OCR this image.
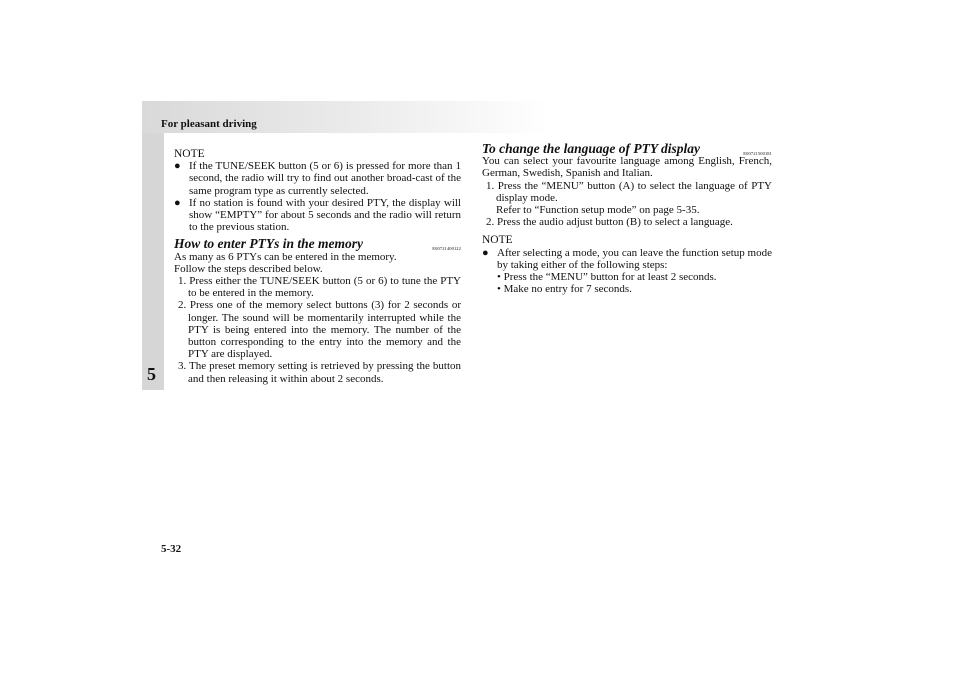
For pleasant driving
5
NOTE
● If the TUNE/SEEK button (5 or 6) is pressed for more than 1 second, the radio will try to find out another broad-cast of the same program type as currently selected.
● If no station is found with your desired PTY, the display will show “EMPTY” for about 5 seconds and the radio will return to the previous station.
How to enter PTYs in the memory	E00721400122
As many as 6 PTYs can be entered in the memory.
Follow the steps described below.
1. Press either the TUNE/SEEK button (5 or 6) to tune the PTY to be entered in the memory.
2. Press one of the memory select buttons (3) for 2 seconds or longer. The sound will be momentarily interrupted while the PTY is being entered into the memory. The number of the button corresponding to the entry into the memory and the PTY are displayed.
3. The preset memory setting is retrieved by pressing the button and then releasing it within about 2 seconds.
To change the language of PTY display	E00721500181
You can select your favourite language among English, French, German, Swedish, Spanish and Italian.
1. Press the “MENU” button (A) to select the language of PTY display mode.
Refer to “Function setup mode” on page 5-35.
2. Press the audio adjust button (B) to select a language.
NOTE
● After selecting a mode, you can leave the function setup mode by taking either of the following steps:
• Press the “MENU” button for at least 2 seconds.
• Make no entry for 7 seconds.
5-32
